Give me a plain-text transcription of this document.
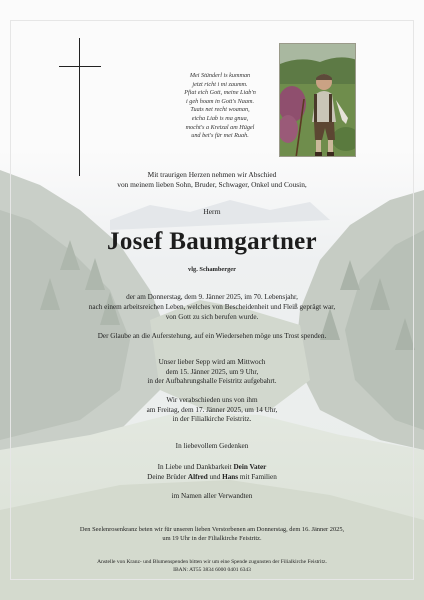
Mei Stünderl is kumman
jetzt richt i mi zaumm.
Pfiat eich Gott, meine Liab'n
i geh hoam in Gott's Naam.
Tuats net recht woanan,
eicha Liab is ma gnua,
mocht's a Kreizal am Hügel
und bet's für mei Ruah.
Mit traurigen Herzen nehmen wir Abschied
von meinem lieben Sohn, Bruder, Schwager, Onkel und Cousin,
Herrn
Josef Baumgartner
vlg. Schamberger
der am Donnerstag, dem 9. Jänner 2025, im 70. Lebensjahr,
nach einem arbeitsreichen Leben, welches von Bescheidenheit und Fleiß geprägt war,
von Gott zu sich berufen wurde.
Der Glaube an die Auferstehung, auf ein Wiedersehen möge uns Trost spenden.
Unser lieber Sepp wird am Mittwoch
dem 15. Jänner 2025, um 9 Uhr,
in der Aufbahrungshalle Feistritz aufgebahrt.
Wir verabschieden uns von ihm
am Freitag, dem 17. Jänner 2025, um 14 Uhr,
in der Filialkirche Feistritz.
In liebevollem Gedenken
In Liebe und Dankbarkeit Dein Vater
Deine Brüder Alfred und Hans mit Familien
im Namen aller Verwandten
Den Seelenrosenkranz beten wir für unseren lieben Verstorbenen am Donnerstag, dem 16. Jänner 2025,
um 19 Uhr in der Filialkirche Feistritz.
Anstelle von Kranz- und Blumenspenden bitten wir um eine Spende zugunsten der Filialkirche Feistritz.
IBAN: AT55 3834 6000 0401 6343
